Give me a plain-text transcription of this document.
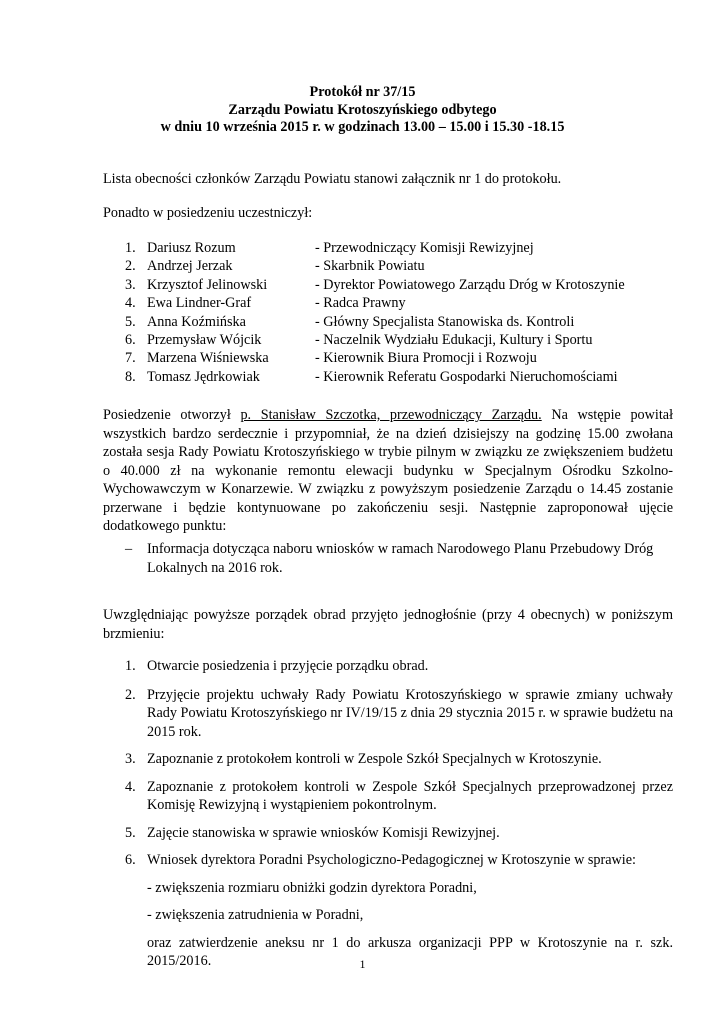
Protokół nr 37/15
Zarządu Powiatu Krotoszyńskiego odbytego
w dniu 10 września 2015 r. w godzinach 13.00 – 15.00 i 15.30 -18.15
Lista obecności członków Zarządu Powiatu stanowi załącznik nr 1 do protokołu.
Ponadto w posiedzeniu uczestniczył:
1. Dariusz Rozum	- Przewodniczący Komisji Rewizyjnej
2. Andrzej Jerzak	- Skarbnik Powiatu
3. Krzysztof Jelinowski	- Dyrektor Powiatowego Zarządu Dróg w Krotoszynie
4. Ewa Lindner-Graf	- Radca Prawny
5. Anna Koźmińska	- Główny Specjalista Stanowiska ds. Kontroli
6. Przemysław Wójcik	- Naczelnik Wydziału Edukacji, Kultury i Sportu
7. Marzena Wiśniewska	- Kierownik Biura Promocji i Rozwoju
8. Tomasz Jędrkowiak	- Kierownik Referatu Gospodarki Nieruchomościami
Posiedzenie otworzył p. Stanisław Szczotka, przewodniczący Zarządu. Na wstępie powitał wszystkich bardzo serdecznie i przypomniał, że na dzień dzisiejszy na godzinę 15.00 zwołana została sesja Rady Powiatu Krotoszyńskiego w trybie pilnym w związku ze zwiększeniem budżetu o 40.000 zł na wykonanie remontu elewacji budynku w Specjalnym Ośrodku Szkolno-Wychowawczym w Konarzewie. W związku z powyższym posiedzenie Zarządu o 14.45 zostanie przerwane i będzie kontynuowane po zakończeniu sesji. Następnie zaproponował ujęcie dodatkowego punktu:
– Informacja dotycząca naboru wniosków w ramach Narodowego Planu Przebudowy Dróg Lokalnych na 2016 rok.
Uwzględniając powyższe porządek obrad przyjęto jednogłośnie (przy 4 obecnych) w poniższym brzmieniu:
1. Otwarcie posiedzenia i przyjęcie porządku obrad.
2. Przyjęcie projektu uchwały Rady Powiatu Krotoszyńskiego w sprawie zmiany uchwały Rady Powiatu Krotoszyńskiego nr IV/19/15 z dnia 29 stycznia 2015 r. w sprawie budżetu na 2015 rok.
3. Zapoznanie z protokołem kontroli w Zespole Szkół Specjalnych w Krotoszynie.
4. Zapoznanie z protokołem kontroli w Zespole Szkół Specjalnych przeprowadzonej przez Komisję Rewizyjną i wystąpieniem pokontrolnym.
5. Zajęcie stanowiska w sprawie wniosków Komisji Rewizyjnej.
6. Wniosek dyrektora Poradni Psychologiczno-Pedagogicznej w Krotoszynie w sprawie:
- zwiększenia rozmiaru obniżki godzin dyrektora Poradni,
- zwiększenia zatrudnienia w Poradni,
oraz zatwierdzenie aneksu nr 1 do arkusza organizacji PPP w Krotoszynie na r. szk. 2015/2016.	1
